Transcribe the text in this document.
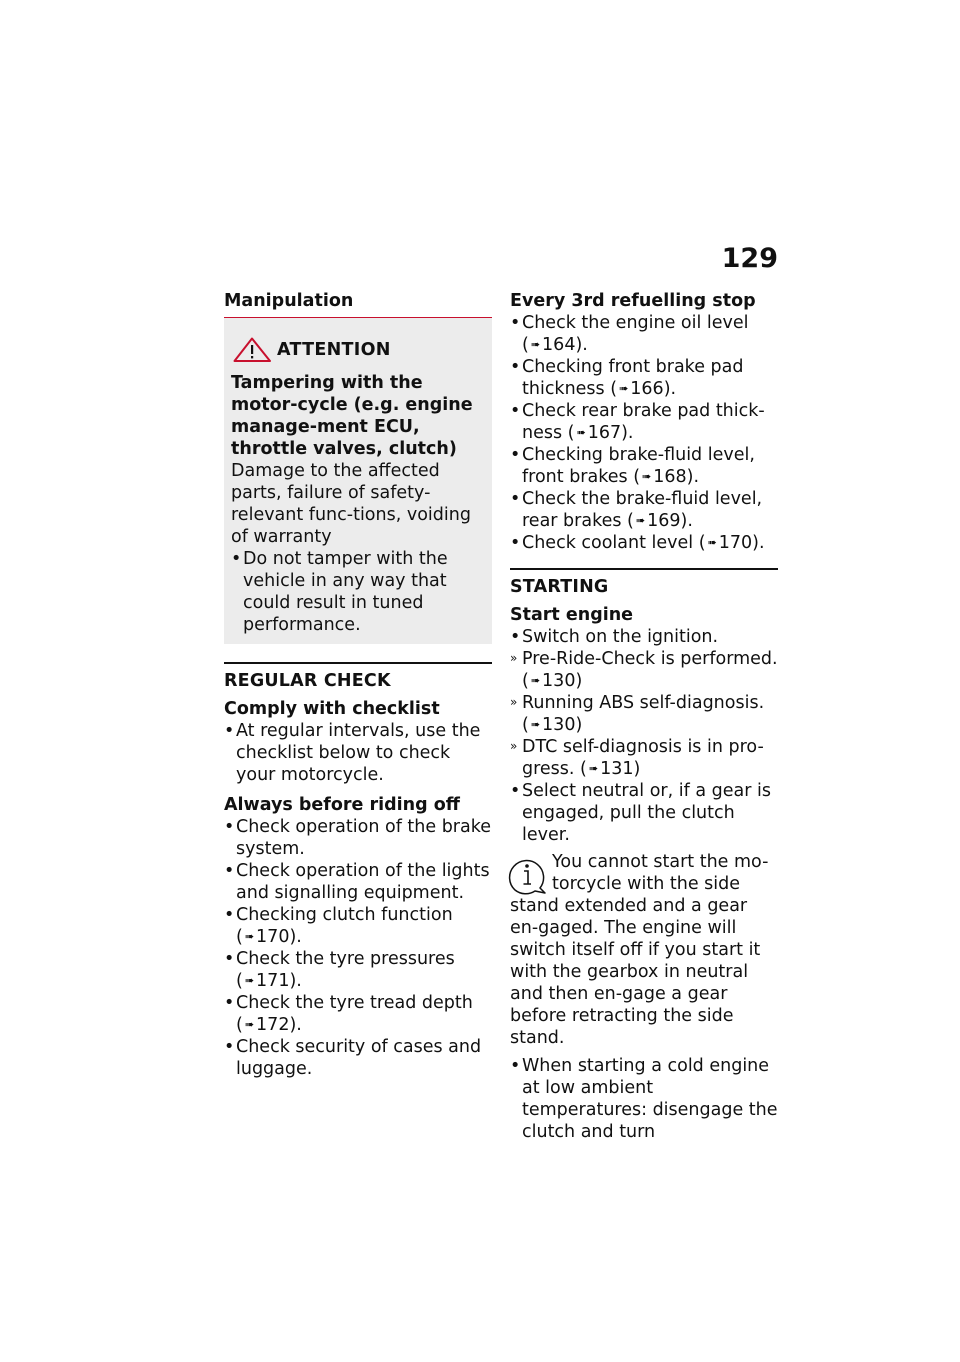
129
Manipulation
ATTENTION
Tampering with the motor-cycle (e.g. engine manage-ment ECU, throttle valves, clutch)
Damage to the affected parts, failure of safety-relevant func-tions, voiding of warranty
• Do not tamper with the vehicle in any way that could result in tuned performance.
REGULAR CHECK
Comply with checklist
• At regular intervals, use the checklist below to check your motorcycle.
Always before riding off
• Check operation of the brake system.
• Check operation of the lights and signalling equipment.
• Checking clutch function
( ➠ 170).
• Check the tyre pressures
( ➠ 171).
• Check the tyre tread depth
( ➠ 172).
• Check security of cases and luggage.
Every 3rd refuelling stop
• Check the engine oil level
( ➠ 164).
• Checking front brake pad thickness ( ➠ 166).
• Check rear brake pad thick-ness ( ➠ 167).
• Checking brake-fluid level, front brakes ( ➠ 168).
• Check the brake-fluid level, rear brakes ( ➠ 169).
• Check coolant level ( ➠ 170).
STARTING
Start engine
• Switch on the ignition.
» Pre-Ride-Check is performed.
( ➠ 130)
» Running ABS self-diagnosis.
( ➠ 130)
» DTC self-diagnosis is in pro-gress. ( ➠ 131)
• Select neutral or, if a gear is engaged, pull the clutch lever.
You cannot start the mo-torcycle with the side
stand extended and a gear en-gaged. The engine will switch itself off if you start it with the gearbox in neutral and then en-gage a gear before retracting the side stand.
• When starting a cold engine at low ambient temperatures: disengage the clutch and turn
